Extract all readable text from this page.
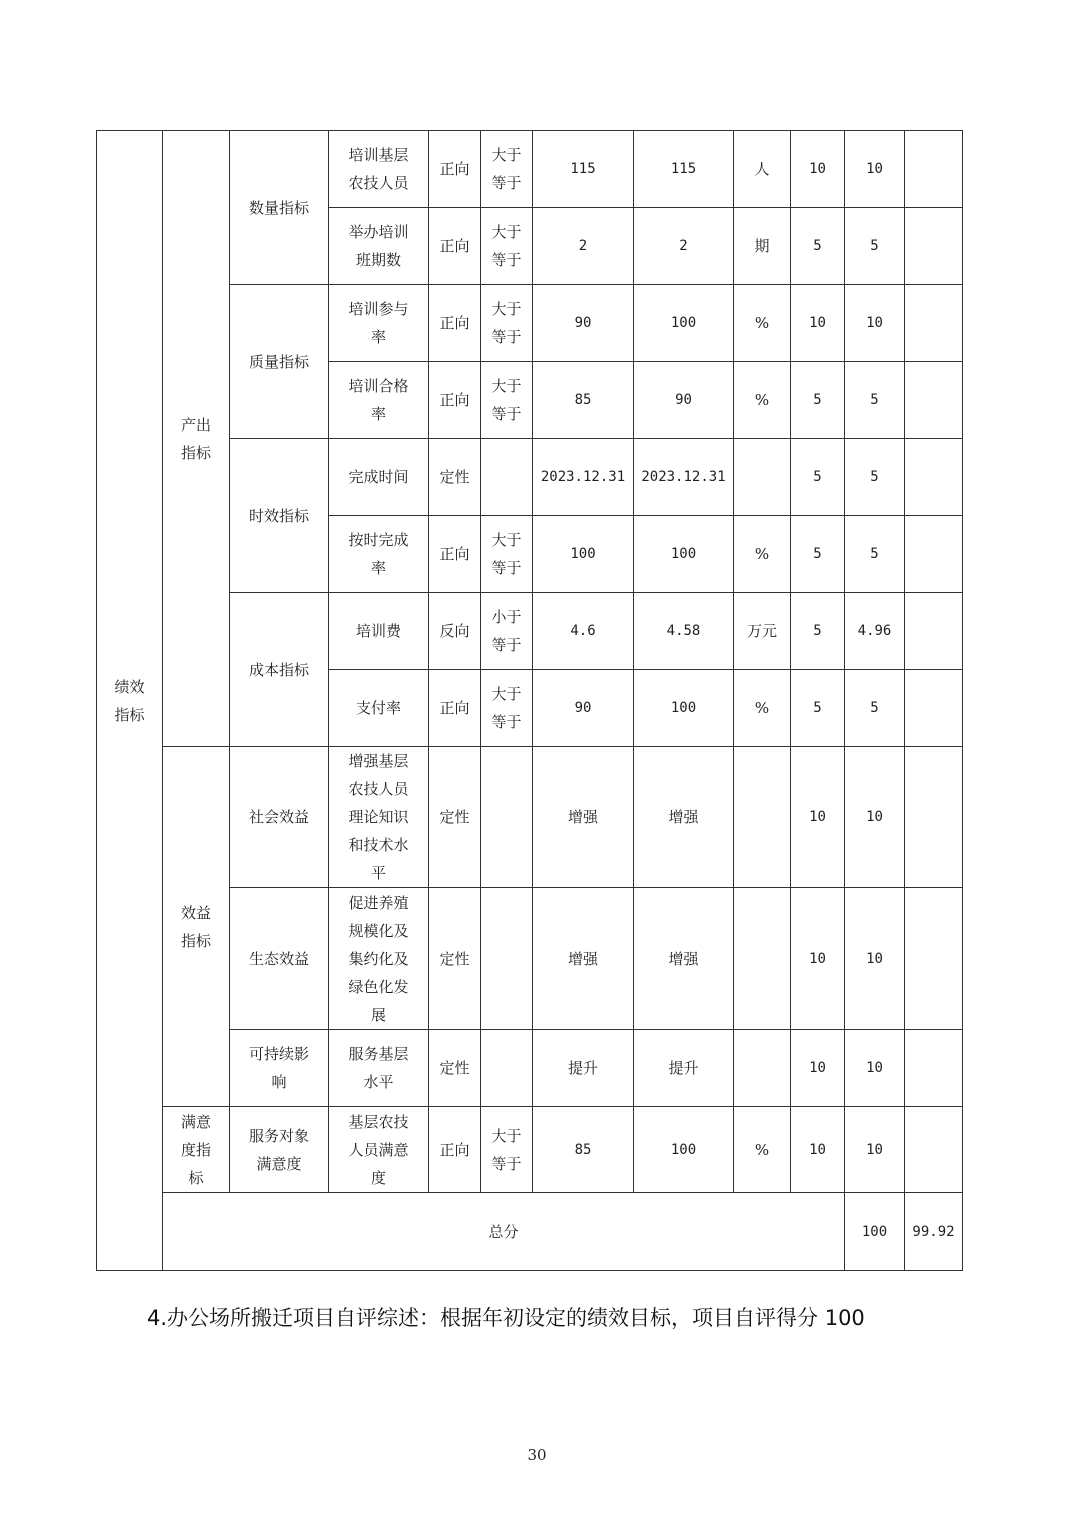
绩效指标	产出指标	数量指标	培训基层农技人员	正向	大于等于	115	115	人	10	10		
			举办培训班期数	正向	大于等于	2	2	期	5	5		
		质量指标	培训参与率	正向	大于等于	90	100	%	10	10		
			培训合格率	正向	大于等于	85	90	%	5	5		
		时效指标	完成时间	定性		2023.12.31	2023.12.31		5	5		
			按时完成率	正向	大于等于	100	100	%	5	5		
		成本指标	培训费	反向	小于等于	4.6	4.58	万元	5	4.96		
			支付率	正向	大于等于	90	100	%	5	5		
	效益指标	社会效益	增强基层农技人员理论知识和技术水平	定性		增强	增强		10	10		
		生态效益	促进养殖规模化及集约化及绿色化发展	定性		增强	增强		10	10		
		可持续影响	服务基层水平	定性		提升	提升		10	10		
	满意度指标	服务对象满意度	基层农技人员满意度	正向	大于等于	85	100	%	10	10		
	总分									100	99.92	
4.办公场所搬迁项目自评综述：根据年初设定的绩效目标，项目自评得分 100
30
